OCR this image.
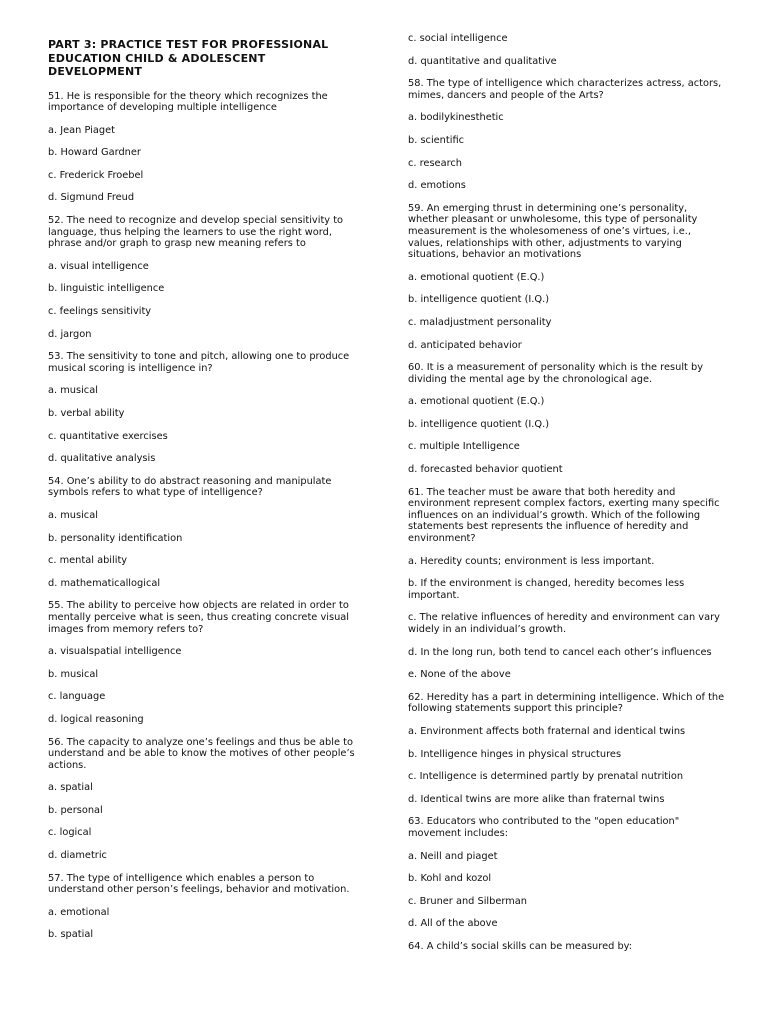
PART 3: PRACTICE TEST FOR PROFESSIONAL
EDUCATION CHILD & ADOLESCENT
DEVELOPMENT
51. He is responsible for the theory which recognizes the importance of developing multiple intelligence
a. Jean Piaget
b. Howard Gardner
c. Frederick Froebel
d. Sigmund Freud
52. The need to recognize and develop special sensitivity to language, thus helping the learners to use the right word, phrase and/or graph to grasp new meaning refers to
a. visual intelligence
b. linguistic intelligence
c. feelings sensitivity
d. jargon
53. The sensitivity to tone and pitch, allowing one to produce musical scoring is intelligence in?
a. musical
b. verbal ability
c. quantitative exercises
d. qualitative analysis
54. One’s ability to do abstract reasoning and manipulate symbols refers to what type of intelligence?
a. musical
b. personality identification
c. mental ability
d. mathematicallogical
55. The ability to perceive how objects are related in order to mentally perceive what is seen, thus creating concrete visual images from memory refers to?
a. visualspatial intelligence
b. musical
c. language
d. logical reasoning
56. The capacity to analyze one’s feelings and thus be able to understand and be able to know the motives of other people’s actions.
a. spatial
b. personal
c. logical
d. diametric
57. The type of intelligence which enables a person to understand other person’s feelings, behavior and motivation.
a. emotional
b. spatial
c. social intelligence
d. quantitative and qualitative
58. The type of intelligence which characterizes actress, actors, mimes, dancers and people of the Arts?
a. bodilykinesthetic
b. scientific
c. research
d. emotions
59. An emerging thrust in determining one’s personality, whether pleasant or unwholesome, this type of personality measurement is the wholesomeness of one’s virtues, i.e., values, relationships with other, adjustments to varying situations, behavior an motivations
a. emotional quotient (E.Q.)
b. intelligence quotient (I.Q.)
c. maladjustment personality
d. anticipated behavior
60. It is a measurement of personality which is the result by dividing the mental age by the chronological age.
a. emotional quotient (E.Q.)
b. intelligence quotient (I.Q.)
c. multiple Intelligence
d. forecasted behavior quotient
61. The teacher must be aware that both heredity and environment represent complex factors, exerting many specific influences on an individual’s growth. Which of the following statements best represents the influence of heredity and environment?
a. Heredity counts; environment is less important.
b. If the environment is changed, heredity becomes less important.
c. The relative influences of heredity and environment can vary widely in an individual’s growth.
d. In the long run, both tend to cancel each other’s influences
e. None of the above
62. Heredity has a part in determining intelligence. Which of the following statements support this principle?
a. Environment affects both fraternal and identical twins
b. Intelligence hinges in physical structures
c. Intelligence is determined partly by prenatal nutrition
d. Identical twins are more alike than fraternal twins
63. Educators who contributed to the "open education" movement includes:
a. Neill and piaget
b. Kohl and kozol
c. Bruner and Silberman
d. All of the above
64. A child’s social skills can be measured by:
